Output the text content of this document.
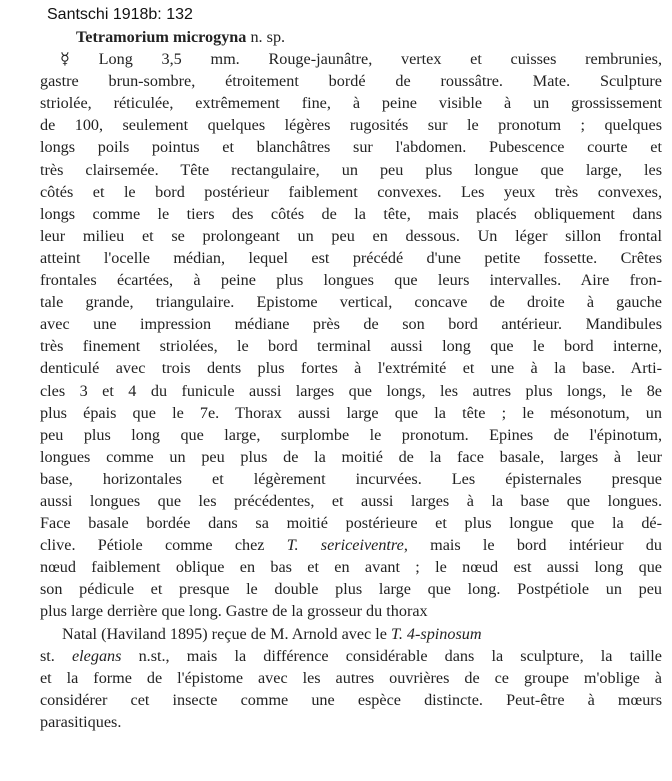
Santschi 1918b: 132
Tetramorium microgyna n. sp.
☿ Long 3,5 mm. Rouge-jaunâtre, vertex et cuisses rembrunies,
gastre brun-sombre, étroitement bordé de roussâtre. Mate. Sculpture
striolée, réticulée, extrêmement fine, à peine visible à un grossissement
de 100, seulement quelques légères rugosités sur le pronotum ; quelques
longs poils pointus et blanchâtres sur l'abdomen. Pubescence courte et
très clairsemée. Tête rectangulaire, un peu plus longue que large, les
côtés et le bord postérieur faiblement convexes. Les yeux très convexes,
longs comme le tiers des côtés de la tête, mais placés obliquement dans
leur milieu et se prolongeant un peu en dessous. Un léger sillon frontal
atteint l'ocelle médian, lequel est précédé d'une petite fossette. Crêtes
frontales écartées, à peine plus longues que leurs intervalles. Aire fron-
tale grande, triangulaire. Epistome vertical, concave de droite à gauche
avec une impression médiane près de son bord antérieur. Mandibules
très finement striolées, le bord terminal aussi long que le bord interne,
denticulé avec trois dents plus fortes à l'extrémité et une à la base. Arti-
cles 3 et 4 du funicule aussi larges que longs, les autres plus longs, le 8e
plus épais que le 7e. Thorax aussi large que la tête ; le mésonotum, un
peu plus long que large, surplombe le pronotum. Epines de l'épinotum,
longues comme un peu plus de la moitié de la face basale, larges à leur
base, horizontales et légèrement incurvées. Les épisternales presque
aussi longues que les précédentes, et aussi larges à la base que longues.
Face basale bordée dans sa moitié postérieure et plus longue que la dé-
clive. Pétiole comme chez T. sericeiventre, mais le bord intérieur du
nœud faiblement oblique en bas et en avant ; le nœud est aussi long que
son pédicule et presque le double plus large que long. Postpétiole un peu
plus large derrière que long. Gastre de la grosseur du thorax
Natal (Haviland 1895) reçue de M. Arnold avec le T. 4-spinosum
st. elegans n.st., mais la différence considérable dans la sculpture, la taille
et la forme de l'épistome avec les autres ouvrières de ce groupe m'oblige à
considérer cet insecte comme une espèce distincte. Peut-être à mœurs
parasitiques.
